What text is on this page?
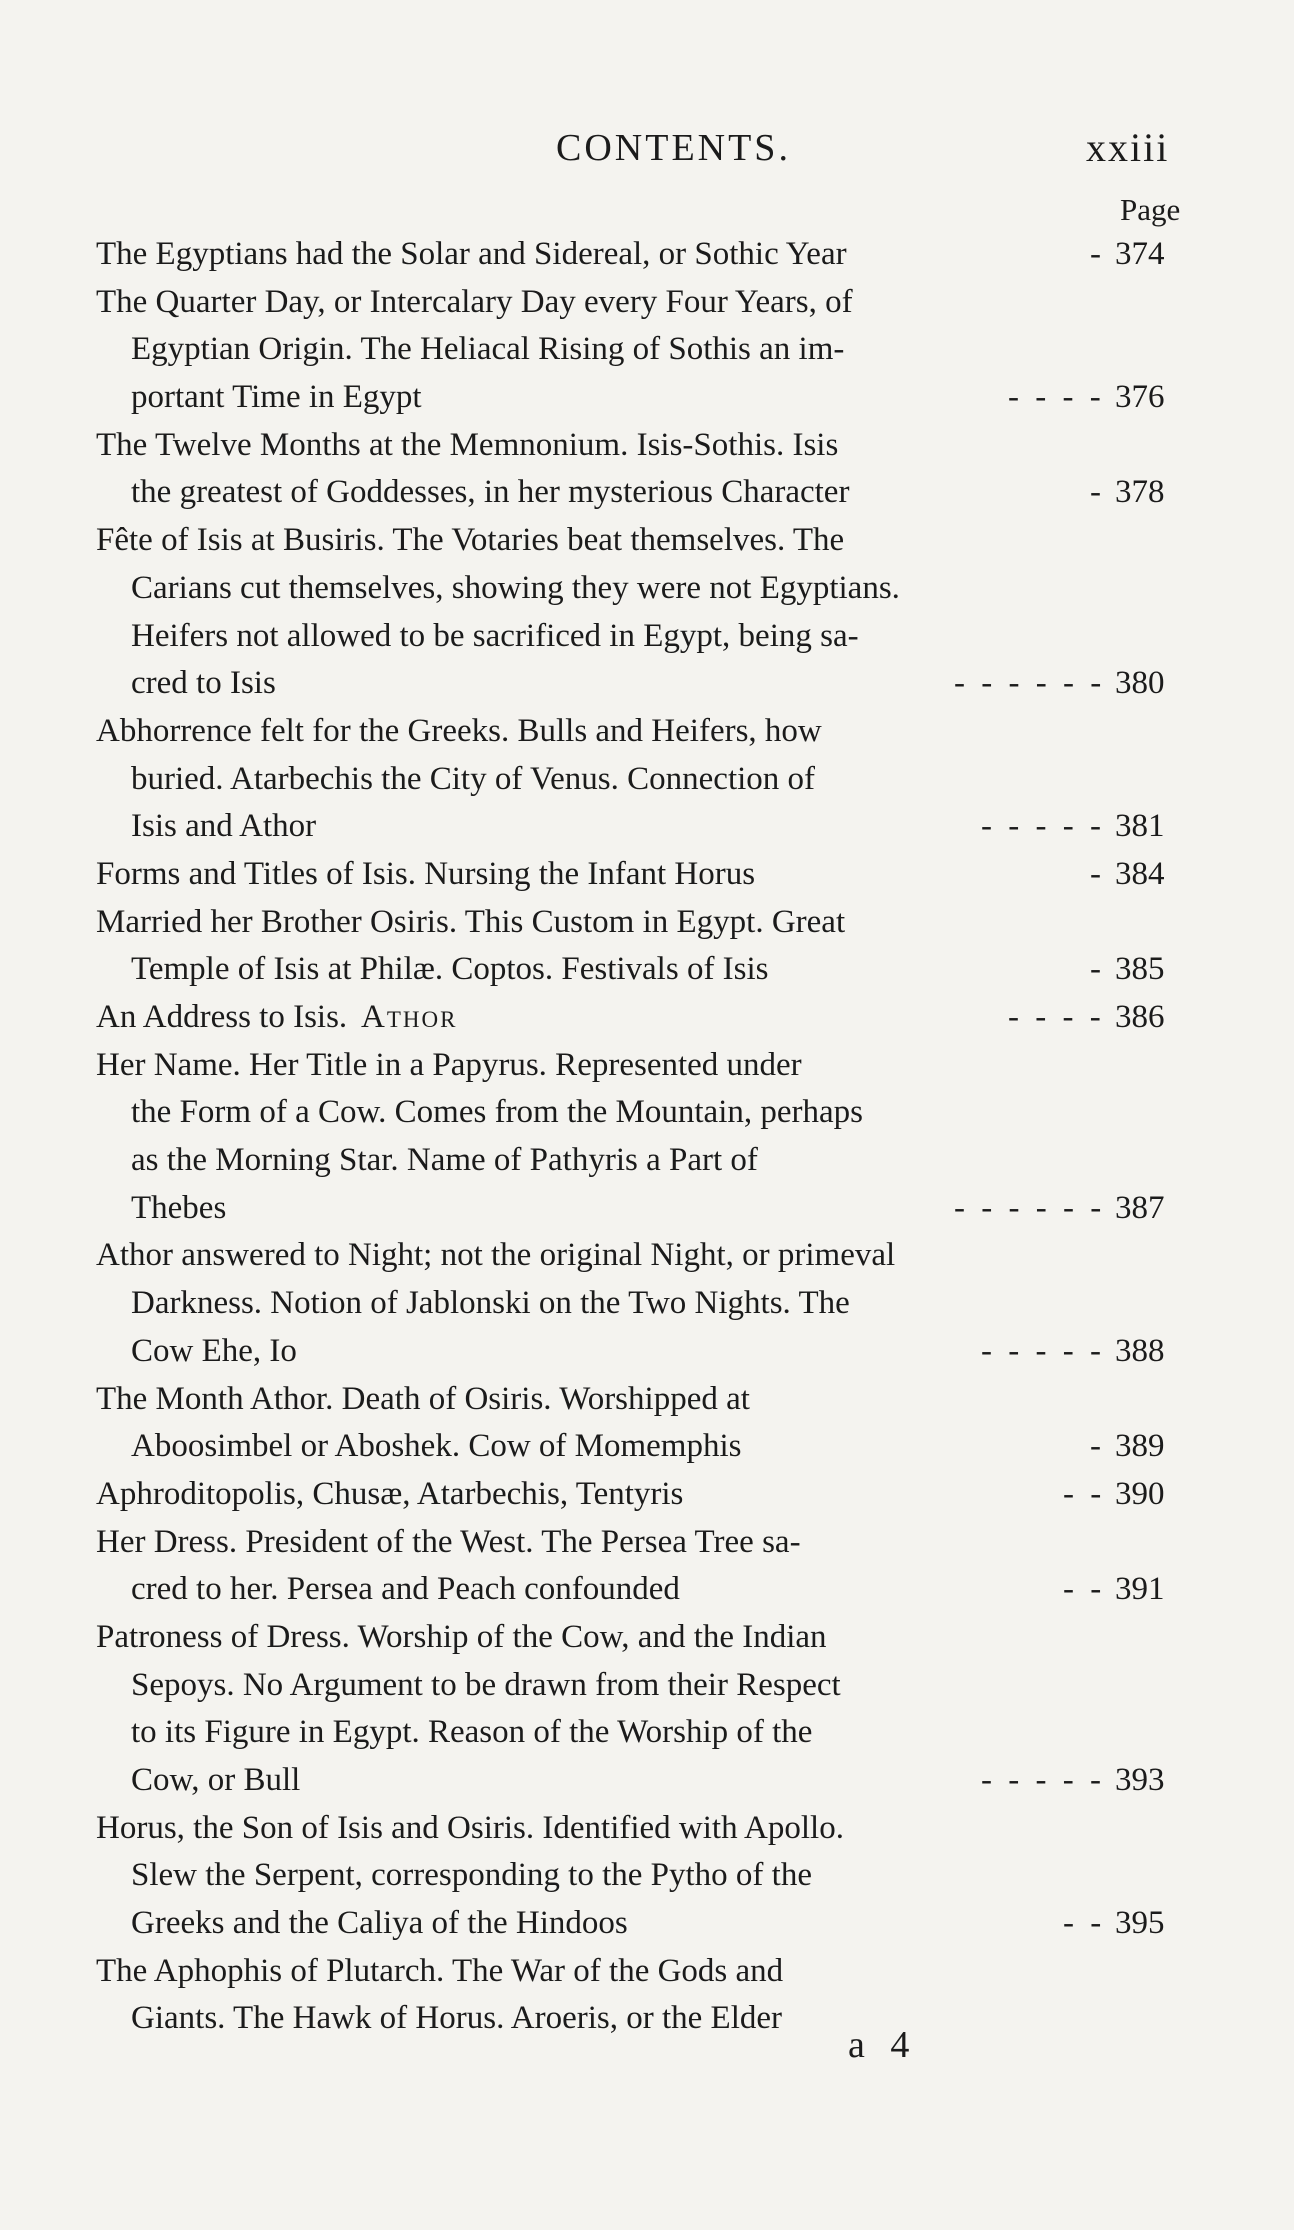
CONTENTS.	xxiii
Page
The Egyptians had the Solar and Sidereal, or Sothic Year	- 374
The Quarter Day, or Intercalary Day every Four Years, of
Egyptian Origin. The Heliacal Rising of Sothis an im-
portant Time in Egypt	- - - - 376
The Twelve Months at the Memnonium. Isis-Sothis. Isis
the greatest of Goddesses, in her mysterious Character	- 378
Fête of Isis at Busiris. The Votaries beat themselves. The
Carians cut themselves, showing they were not Egyptians.
Heifers not allowed to be sacrificed in Egypt, being sa-
cred to Isis	- - - - - - 380
Abhorrence felt for the Greeks. Bulls and Heifers, how
buried. Atarbechis the City of Venus. Connection of
Isis and Athor	- - - - - 381
Forms and Titles of Isis. Nursing the Infant Horus	- 384
Married her Brother Osiris. This Custom in Egypt. Great
Temple of Isis at Philæ. Coptos. Festivals of Isis	- 385
An Address to Isis. Athor	- - - - 386
Her Name. Her Title in a Papyrus. Represented under
the Form of a Cow. Comes from the Mountain, perhaps
as the Morning Star. Name of Pathyris a Part of
Thebes	- - - - - - 387
Athor answered to Night; not the original Night, or primeval
Darkness. Notion of Jablonski on the Two Nights. The
Cow Ehe, Io	- - - - - 388
The Month Athor. Death of Osiris. Worshipped at
Aboosimbel or Aboshek. Cow of Momemphis	- 389
Aphroditopolis, Chusæ, Atarbechis, Tentyris	- - 390
Her Dress. President of the West. The Persea Tree sa-
cred to her. Persea and Peach confounded	- - 391
Patroness of Dress. Worship of the Cow, and the Indian
Sepoys. No Argument to be drawn from their Respect
to its Figure in Egypt. Reason of the Worship of the
Cow, or Bull	- - - - - 393
Horus, the Son of Isis and Osiris. Identified with Apollo.
Slew the Serpent, corresponding to the Pytho of the
Greeks and the Caliya of the Hindoos	- - 395
The Aphophis of Plutarch. The War of the Gods and
Giants. The Hawk of Horus. Aroeris, or the Elder
a 4
